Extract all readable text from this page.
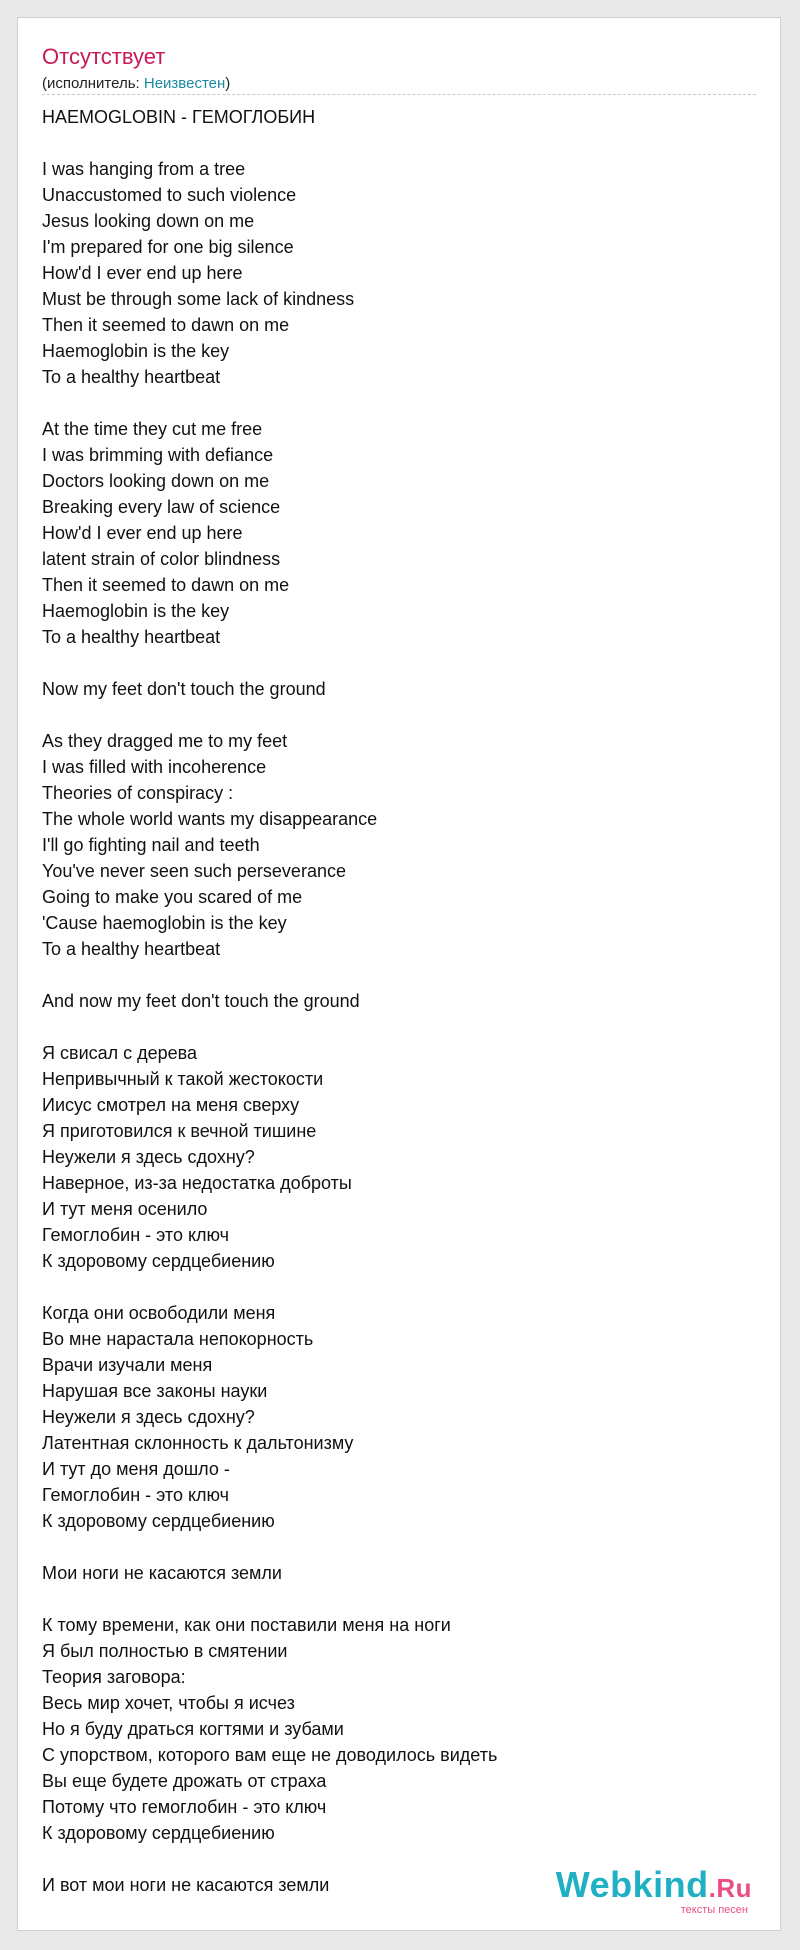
Отсутствует
(исполнитель: Неизвестен)
HAEMOGLOBIN - ГЕМОГЛОБИН
I was hanging from a tree
Unaccustomed to such violence
Jesus looking down on me
I'm prepared for one big silence
How'd I ever end up here
Must be through some lack of kindness
Then it seemed to dawn on me
Haemoglobin is the key
To a healthy heartbeat
At the time they cut me free
I was brimming with defiance
Doctors looking down on me
Breaking every law of science
How'd I ever end up here
latent strain of color blindness
Then it seemed to dawn on me
Haemoglobin is the key
To a healthy heartbeat
Now my feet don't touch the ground
As they dragged me to my feet
I was filled with incoherence
Theories of conspiracy :
The whole world wants my disappearance
I'll go fighting nail and teeth
You've never seen such perseverance
Going to make you scared of me
'Cause haemoglobin is the key
To a healthy heartbeat
And now my feet don't touch the ground
Я свисал с дерева
Непривычный к такой жестокости
Иисус смотрел на меня сверху
Я приготовился к вечной тишине
Неужели я здесь сдохну?
Наверное, из-за недостатка доброты
И тут меня осенило
Гемоглобин - это ключ
К здоровому сердцебиению
Когда они освободили меня
Во мне нарастала непокорность
Врачи изучали меня
Нарушая все законы науки
Неужели я здесь сдохну?
Латентная склонность к дальтонизму
И тут до меня дошло -
Гемоглобин - это ключ
К здоровому сердцебиению
Мои ноги не касаются земли
К тому времени, как они поставили меня на ноги
Я был полностью в смятении
Теория заговора:
Весь мир хочет, чтобы я исчез
Но я буду драться когтями и зубами
С упорством, которого вам еще не доводилось видеть
Вы еще будете дрожать от страха
Потому что гемоглобин - это ключ
К здоровому сердцебиению
И вот мои ноги не касаются земли	Webkind.Ru
тексты песен
